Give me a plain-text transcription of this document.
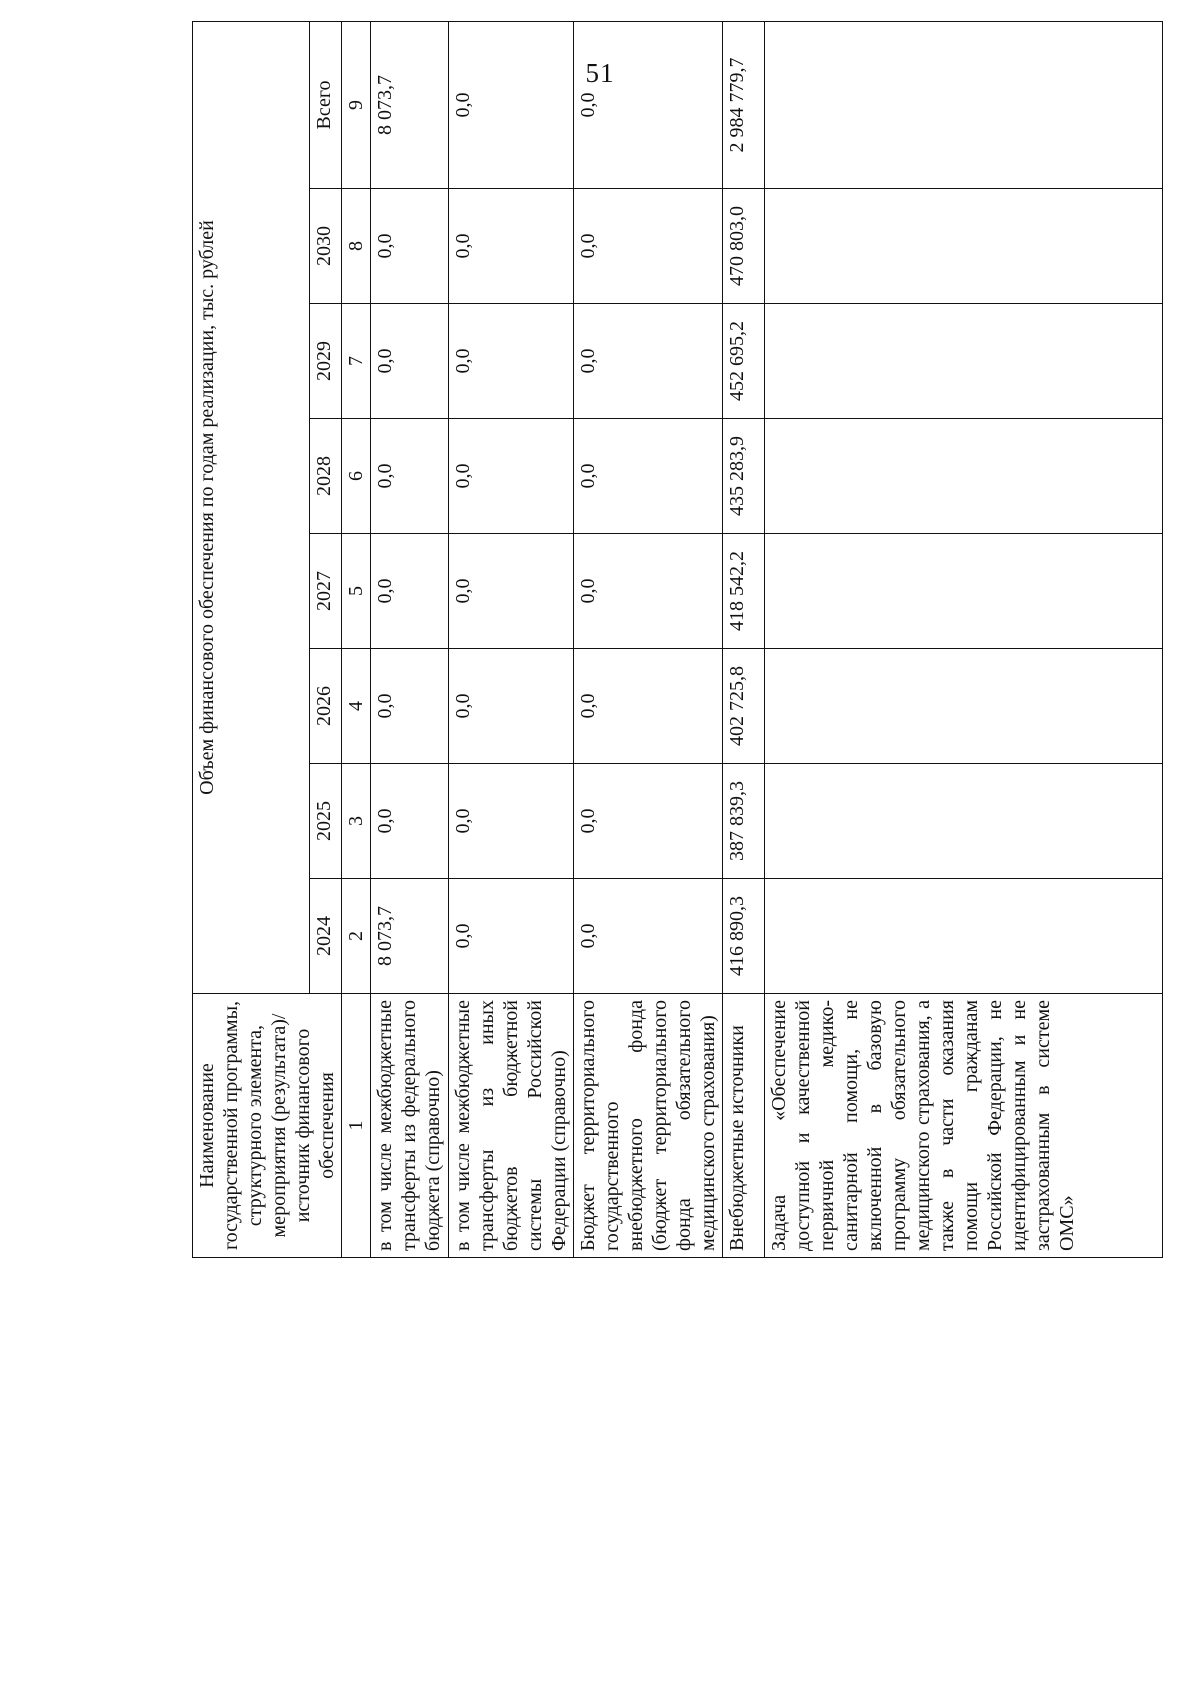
51
Наименование государственной программы, структурного элемента, мероприятия (результата)/источник финансового обеспечения	Объем финансового обеспечения по годам реализации, тыс. рублей							
	2024	2025	2026	2027	2028	2029	2030	Всего
1	2	3	4	5	6	7	8	9
в том числе межбюджетные трансферты из федерального бюджета (справочно)	8 073,7	0,0	0,0	0,0	0,0	0,0	0,0	8 073,7
в том числе межбюджетные трансферты из иных бюджетов бюджетной системы Российской Федерации (справочно)	0,0	0,0	0,0	0,0	0,0	0,0	0,0	0,0
Бюджет территориального государственного внебюджетного фонда (бюджет территориального фонда обязательного медицинского страхования)	0,0	0,0	0,0	0,0	0,0	0,0	0,0	0,0
Внебюджетные источники	416 890,3	387 839,3	402 725,8	418 542,2	435 283,9	452 695,2	470 803,0	2 984 779,7
Задача «Обеспечение доступной и качественной первичной медико-санитарной помощи, не включенной в базовую программу обязательного медицинского страхования, а также в части оказания помощи гражданам Российской Федерации, не идентифицированным и не застрахованным в системе ОМС»								
